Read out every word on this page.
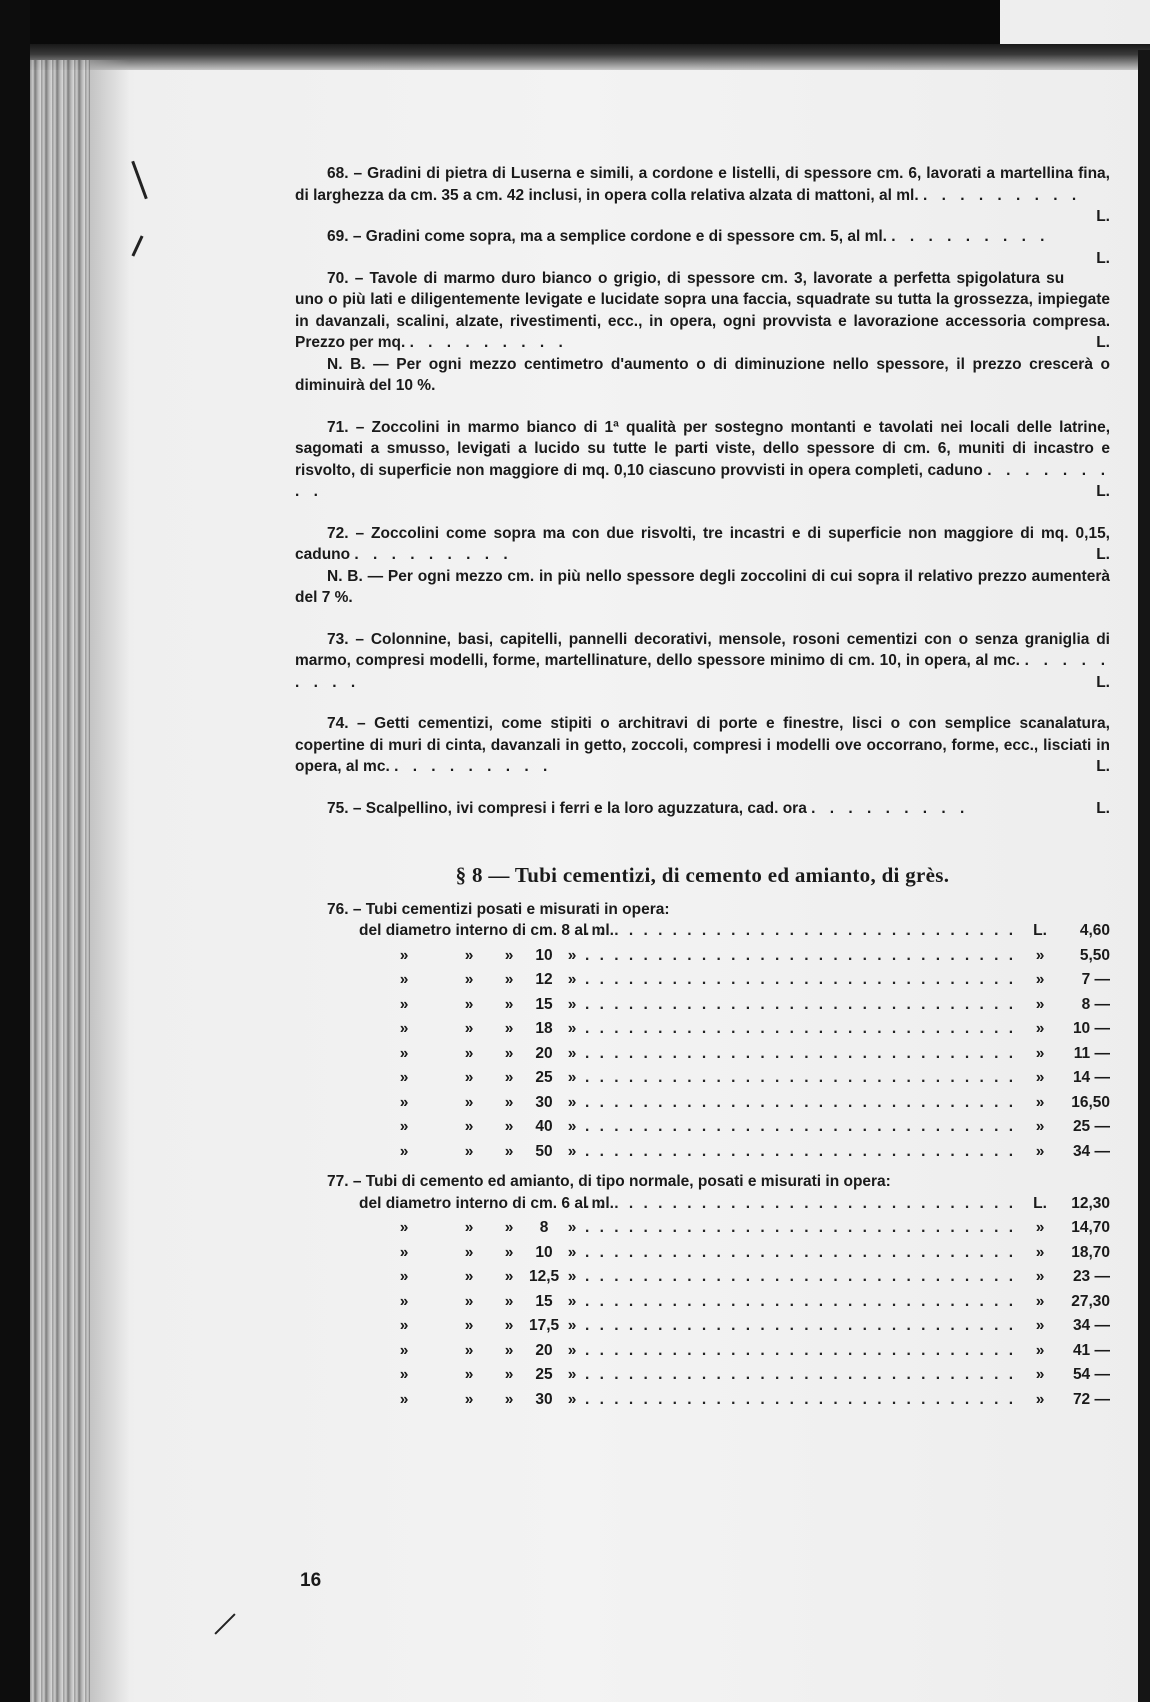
68. – Gradini di pietra di Luserna e simili, a cordone e listelli, di spessore cm. 6, lavorati a martellina fina, di larghezza da cm. 35 a cm. 42 inclusi, in opera colla relativa alzata di mattoni, al ml. . . . . . . . . .
L.

69. – Gradini come sopra, ma a semplice cordone e di spessore cm. 5, al ml. . . . . . . . . .
L.

70. – Tavole di marmo duro bianco o grigio, di spessore cm. 3, lavorate a perfetta spigolatura su uno o più lati e diligentemente levigate e lucidate sopra una faccia, squadrate su tutta la grossezza, impiegate in davanzali, scalini, alzate, rivestimenti, ecc., in opera, ogni provvista e lavorazione accessoria compresa. Prezzo per mq. . . . . . . . . .	L.

N. B. — Per ogni mezzo centimetro d'aumento o di diminuzione nello spessore, il prezzo crescerà o diminuirà del 10 %.

71. – Zoccolini in marmo bianco di 1ª qualità per sostegno montanti e tavolati nei locali delle latrine, sagomati a smusso, levigati a lucido su tutte le parti viste, dello spessore di cm. 6, muniti di incastro e risvolto, di superficie non maggiore di mq. 0,10 ciascuno provvisti in opera completi, caduno . . . . . . . . .	L.

72. – Zoccolini come sopra ma con due risvolti, tre incastri e di superficie non maggiore di mq. 0,15, caduno . . . . . . . . .	L.

N. B. — Per ogni mezzo cm. in più nello spessore degli zoccolini di cui sopra il relativo prezzo aumenterà del 7 %.

73. – Colonnine, basi, capitelli, pannelli decorativi, mensole, rosoni cementizi con o senza graniglia di marmo, compresi modelli, forme, martellinature, dello spessore minimo di cm. 10, in opera, al mc. . . . . . . . . .	L.

74. – Getti cementizi, come stipiti o architravi di porte e finestre, lisci o con semplice scanalatura, copertine di muri di cinta, davanzali in getto, zoccoli, compresi i modelli ove occorrano, forme, ecc., lisciati in opera, al mc. . . . . . . . . .	L.

75. – Scalpellino, ivi compresi i ferri e la loro aguzzatura, cad. ora . . . . . . . . .	L.

§ 8 — Tubi cementizi, di cemento ed amianto, di grès.
76. – Tubi cementizi posati e misurati in opera:
del diametro interno di cm. 8 al ml. . . .	L.	4,60
»	»	»	10 » . . .	»	5,50
»	»	»	12 » . . .	»	7 —
»	»	»	15 » . . .	»	8 —
»	»	»	18 » . . .	»	10 —
»	»	»	20 » . . .	»	11 —
»	»	»	25 » . . .	»	14 —
»	»	»	30 » . . .	»	16,50
»	»	»	40 » . . .	»	25 —
»	»	»	50 » . . .	»	34 —
77. – Tubi di cemento ed amianto, di tipo normale, posati e misurati in opera:
del diametro interno di cm. 6 al ml. . . .	L.	12,30
»	»	»	8	» . . .	»	14,70
»	»	»	10 » . . .	»	18,70
»	»	»	12,5 » . . .	»	23 —
»	»	»	15 » . . .	»	27,30
»	»	»	17,5 » . . .	»	34 —
»	»	»	20 » . . .	»	41 —
»	»	»	25 » . . .	»	54 —
»	»	»	30 » . . .	»	72 —
16
